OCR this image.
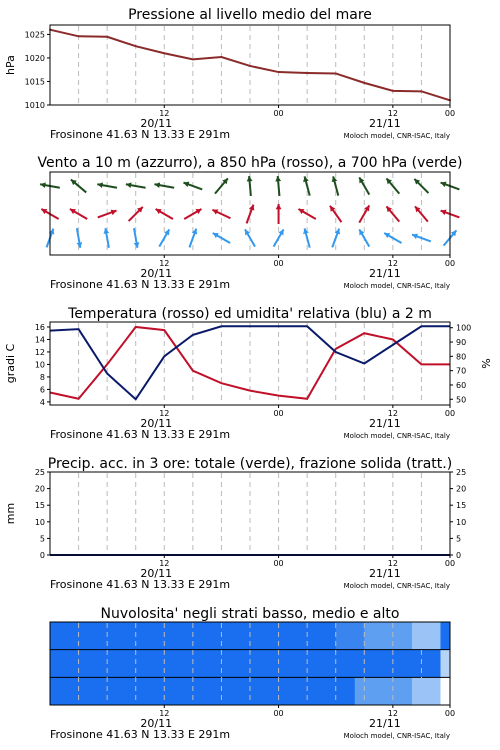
Pressione al livello medio del mare
12	00	12	00
20/11	21/11
Frosinone 41.63 N 13.33 E 291m	Moloch model, CNR-ISAC, Italy
1010
1015
1020
1025
hPa
Vento a 10 m (azzurro), a 850 hPa (rosso), a 700 hPa (verde)
12	00	12	00
20/11	21/11
Frosinone 41.63 N 13.33 E 291m	Moloch model, CNR-ISAC, Italy
Temperatura (rosso) ed umidita' relativa (blu) a 2 m
12	00	12	00
20/11	21/11
Frosinone 41.63 N 13.33 E 291m	Moloch model, CNR-ISAC, Italy
4
6
8
10
12
14
16
50
60
70
80
90
100
gradi C	%
Precip. acc. in 3 ore: totale (verde), frazione solida (tratt.)
12	00	12	00
20/11	21/11
Frosinone 41.63 N 13.33 E 291m	Moloch model, CNR-ISAC, Italy
0
5
10
15
20
25
0
5
10
15
20
25
mm
Nuvolosita' negli strati basso, medio e alto
12	00	12	00
20/11	21/11
Frosinone 41.63 N 13.33 E 291m	Moloch model, CNR-ISAC, Italy
